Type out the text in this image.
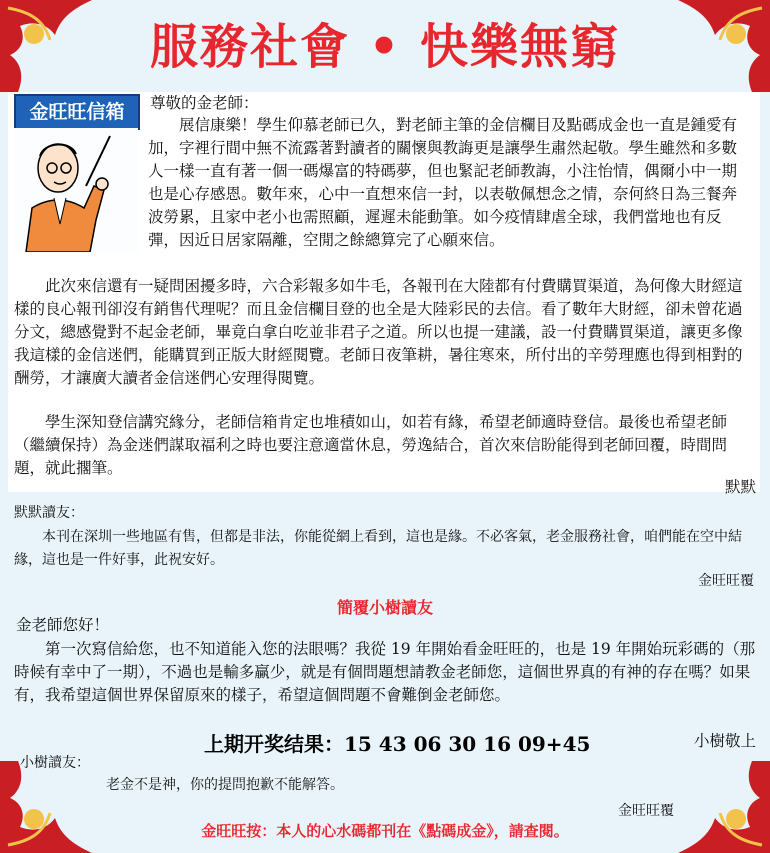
服務社會 • 快樂無窮
金旺旺信箱	尊敬的金老師：
展信康樂！學生仰慕老師已久，對老師主筆的金信欄目及點碼成金也一直是鍾愛有加，字裡行間中無不流露著對讀者的關懷與教誨更是讓學生肅然起敬。學生雖然和多數人一樣一直有著一個一碼爆富的特碼夢，但也緊記老師教誨，小注怡情，偶爾小中一期也是心存感恩。數年來，心中一直想來信一封，以表敬佩想念之情，奈何終日為三餐奔波勞累，且家中老小也需照顧，遲遲未能動筆。如今疫情肆虐全球，我們當地也有反彈，因近日居家隔離，空閒之餘總算完了心願來信。
此次來信還有一疑問困擾多時，六合彩報多如牛毛，各報刊在大陸都有付費購買渠道，為何像大財經這樣的良心報刊卻沒有銷售代理呢？而且金信欄目登的也全是大陸彩民的去信。看了數年大財經，卻未曾花過分文，總感覺對不起金老師，畢竟白拿白吃並非君子之道。所以也提一建議，設一付費購買渠道，讓更多像我這樣的金信迷們，能購買到正版大財經閱覽。老師日夜筆耕，暑往寒來，所付出的辛勞理應也得到相對的酬勞，才讓廣大讀者金信迷們心安理得閱覽。
學生深知登信講究緣分，老師信箱肯定也堆積如山，如若有緣，希望老師適時登信。最後也希望老師（繼續保持）為金迷們謀取福利之時也要注意適當休息，勞逸結合，首次來信盼能得到老師回覆，時間問題，就此擱筆。
默默
默默讀友：
本刊在深圳一些地區有售，但都是非法，你能從網上看到，這也是緣。不必客氣，老金服務社會，咱們能在空中結緣，這也是一件好事，此祝安好。
金旺旺覆
簡覆小樹讀友
金老師您好！
第一次寫信給您，也不知道能入您的法眼嗎？我從 19 年開始看金旺旺的，也是 19 年開始玩彩碼的（那時候有幸中了一期），不過也是輸多贏少，就是有個問題想請教金老師您，這個世界真的有神的存在嗎？如果有，我希望這個世界保留原來的樣子，希望這個問題不會難倒金老師您。
小樹敬上
上期开奖结果：15 43 06 30 16 09+45
小樹讀友：
老金不是神，你的提問抱歉不能解答。
金旺旺覆
金旺旺按：本人的心水碼都刊在《點碼成金》，請查閱。
